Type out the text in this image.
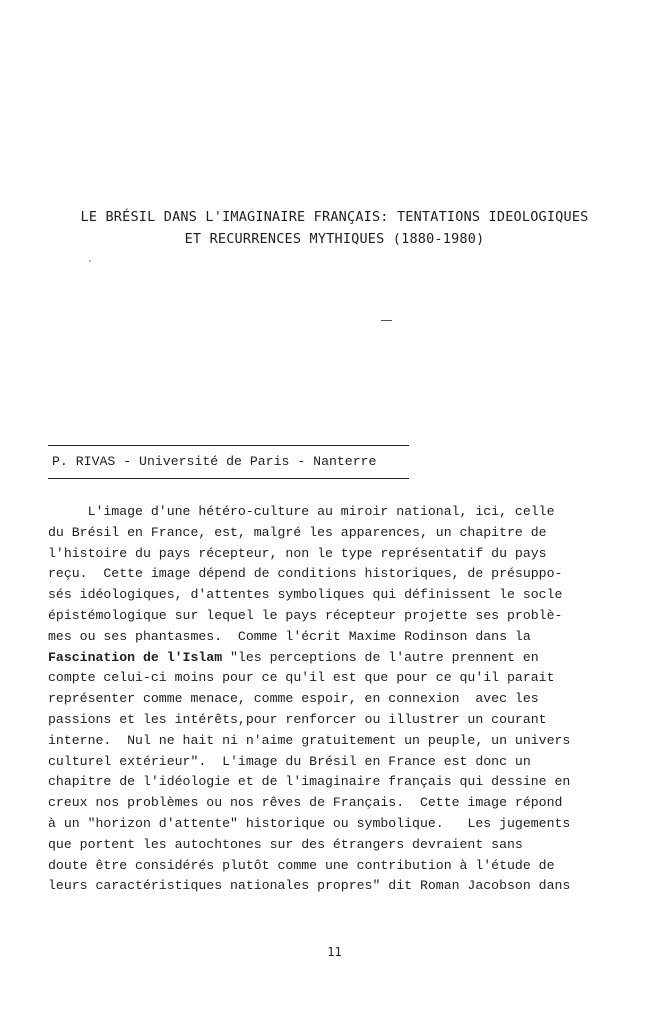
LE BRÉSIL DANS L'IMAGINAIRE FRANÇAIS: TENTATIONS IDEOLOGIQUES
ET RECURRENCES MYTHIQUES (1880-1980)
P. RIVAS - Université de Paris - Nanterre
L'image d'une hétéro-culture au miroir national, ici, celle
du Brésil en France, est, malgré les apparences, un chapitre de
l'histoire du pays récepteur, non le type représentatif du pays
reçu.  Cette image dépend de conditions historiques, de présuppo-
sés idéologiques, d'attentes symboliques qui définissent le socle
épistémologique sur lequel le pays récepteur projette ses problè-
mes ou ses phantasmes.  Comme l'écrit Maxime Rodinson dans la
Fascination de l'Islam "les perceptions de l'autre prennent en
compte celui-ci moins pour ce qu'il est que pour ce qu'il parait
représenter comme menace, comme espoir, en connexion  avec les
passions et les intérêts,pour renforcer ou illustrer un courant
interne.  Nul ne hait ni n'aime gratuitement un peuple, un univers
culturel extérieur".  L'image du Brésil en France est donc un
chapitre de l'idéologie et de l'imaginaire français qui dessine en
creux nos problèmes ou nos rêves de Français.  Cette image répond
à un "horizon d'attente" historique ou symbolique.   Les jugements
que portent les autochtones sur des étrangers devraient sans
doute être considérés plutôt comme une contribution à l'étude de
leurs caractéristiques nationales propres" dit Roman Jacobson dans
11
